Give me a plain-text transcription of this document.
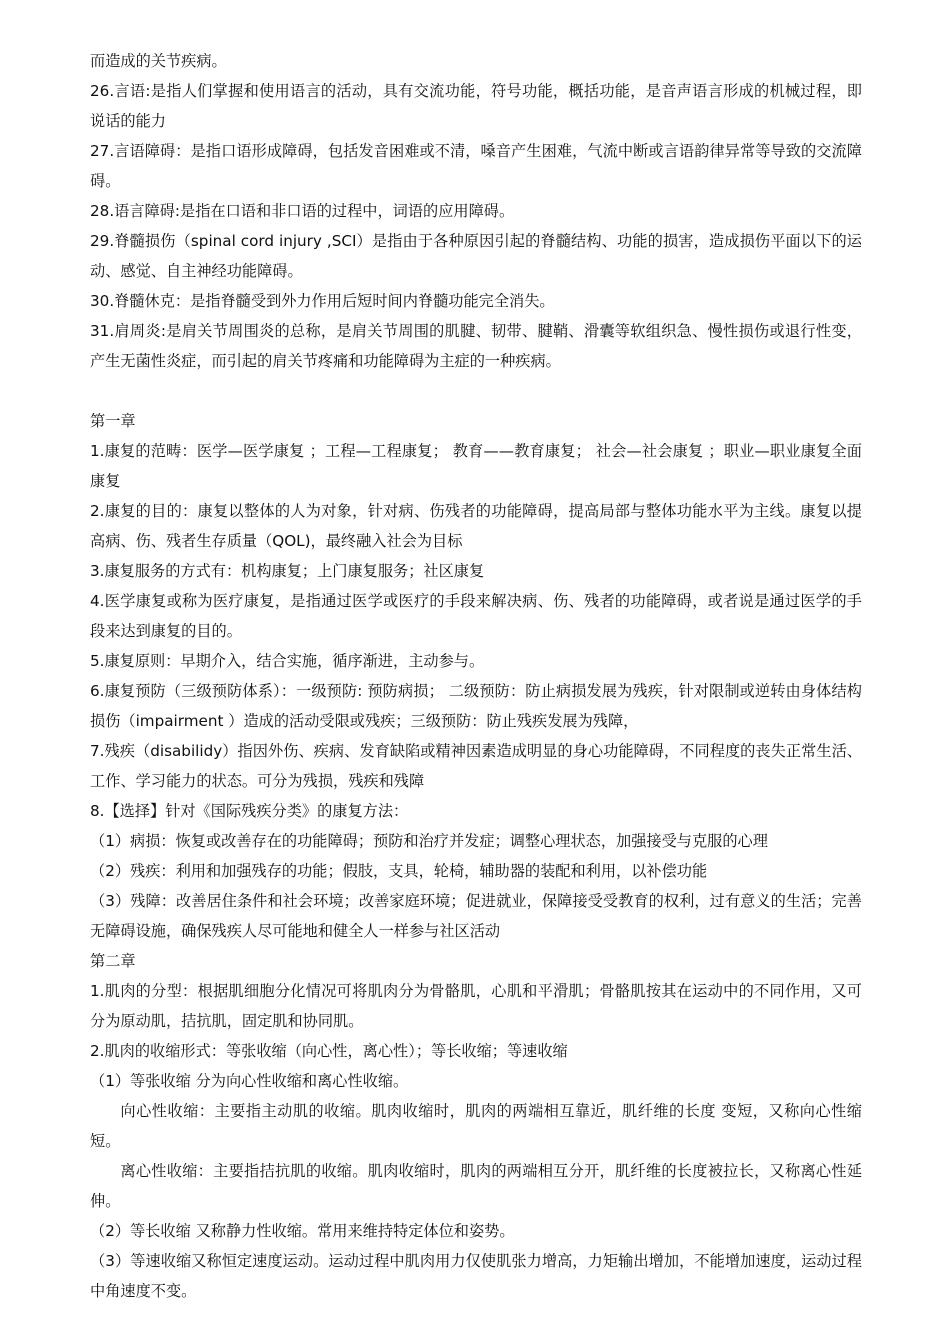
而造成的关节疾病。

26.言语:是指人们掌握和使用语言的活动，具有交流功能，符号功能，概括功能，是音声语言形成的机械过程，即说话的能力

27.言语障碍：是指口语形成障碍，包括发音困难或不清，嗓音产生困难，气流中断或言语韵律异常等导致的交流障碍。

28.语言障碍:是指在口语和非口语的过程中，词语的应用障碍。

29.脊髓损伤（spinal cord injury ,SCI）是指由于各种原因引起的脊髓结构、功能的损害，造成损伤平面以下的运动、感觉、自主神经功能障碍。

30.脊髓休克：是指脊髓受到外力作用后短时间内脊髓功能完全消失。

31.肩周炎:是肩关节周围炎的总称，是肩关节周围的肌腱、韧带、腱鞘、滑囊等软组织急、慢性损伤或退行性变，产生无菌性炎症，而引起的肩关节疼痛和功能障碍为主症的一种疾病。

第一章

1.康复的范畴：医学—医学康复 ；工程—工程康复； 教育——教育康复； 社会—社会康复 ；职业—职业康复全面康复

2.康复的目的：康复以整体的人为对象，针对病、伤残者的功能障碍，提高局部与整体功能水平为主线。康复以提高病、伤、残者生存质量（QOL)，最终融入社会为目标

3.康复服务的方式有：机构康复；上门康复服务；社区康复

4.医学康复或称为医疗康复，是指通过医学或医疗的手段来解决病、伤、残者的功能障碍，或者说是通过医学的手段来达到康复的目的。

5.康复原则：早期介入，结合实施，循序渐进，主动参与。

6.康复预防（三级预防体系）：一级预防: 预防病损； 二级预防：防止病损发展为残疾，针对限制或逆转由身体结构损伤（impairment ）造成的活动受限或残疾；三级预防：防止残疾发展为残障，

7.残疾（disabilidy）指因外伤、疾病、发育缺陷或精神因素造成明显的身心功能障碍，不同程度的丧失正常生活、工作、学习能力的状态。可分为残损，残疾和残障

8.【选择】针对《国际残疾分类》的康复方法：

（1）病损：恢复或改善存在的功能障碍；预防和治疗并发症；调整心理状态，加强接受与克服的心理

（2）残疾：利用和加强残存的功能；假肢，支具，轮椅，辅助器的装配和利用，以补偿功能

（3）残障：改善居住条件和社会环境；改善家庭环境；促进就业，保障接受受教育的权利，过有意义的生活；完善无障碍设施，确保残疾人尽可能地和健全人一样参与社区活动

第二章

1.肌肉的分型：根据肌细胞分化情况可将肌肉分为骨骼肌，心肌和平滑肌；骨骼肌按其在运动中的不同作用，又可分为原动肌，拮抗肌，固定肌和协同肌。

2.肌肉的收缩形式：等张收缩（向心性，离心性）；等长收缩；等速收缩

（1）等张收缩 分为向心性收缩和离心性收缩。

向心性收缩：主要指主动肌的收缩。肌肉收缩时，肌肉的两端相互靠近，肌纤维的长度 变短，又称向心性缩短。

离心性收缩：主要指拮抗肌的收缩。肌肉收缩时，肌肉的两端相互分开，肌纤维的长度被拉长，又称离心性延伸。

（2）等长收缩 又称静力性收缩。常用来维持特定体位和姿势。

（3）等速收缩又称恒定速度运动。运动过程中肌肉用力仅使肌张力增高，力矩输出增加，不能增加速度，运动过程中角速度不变。
